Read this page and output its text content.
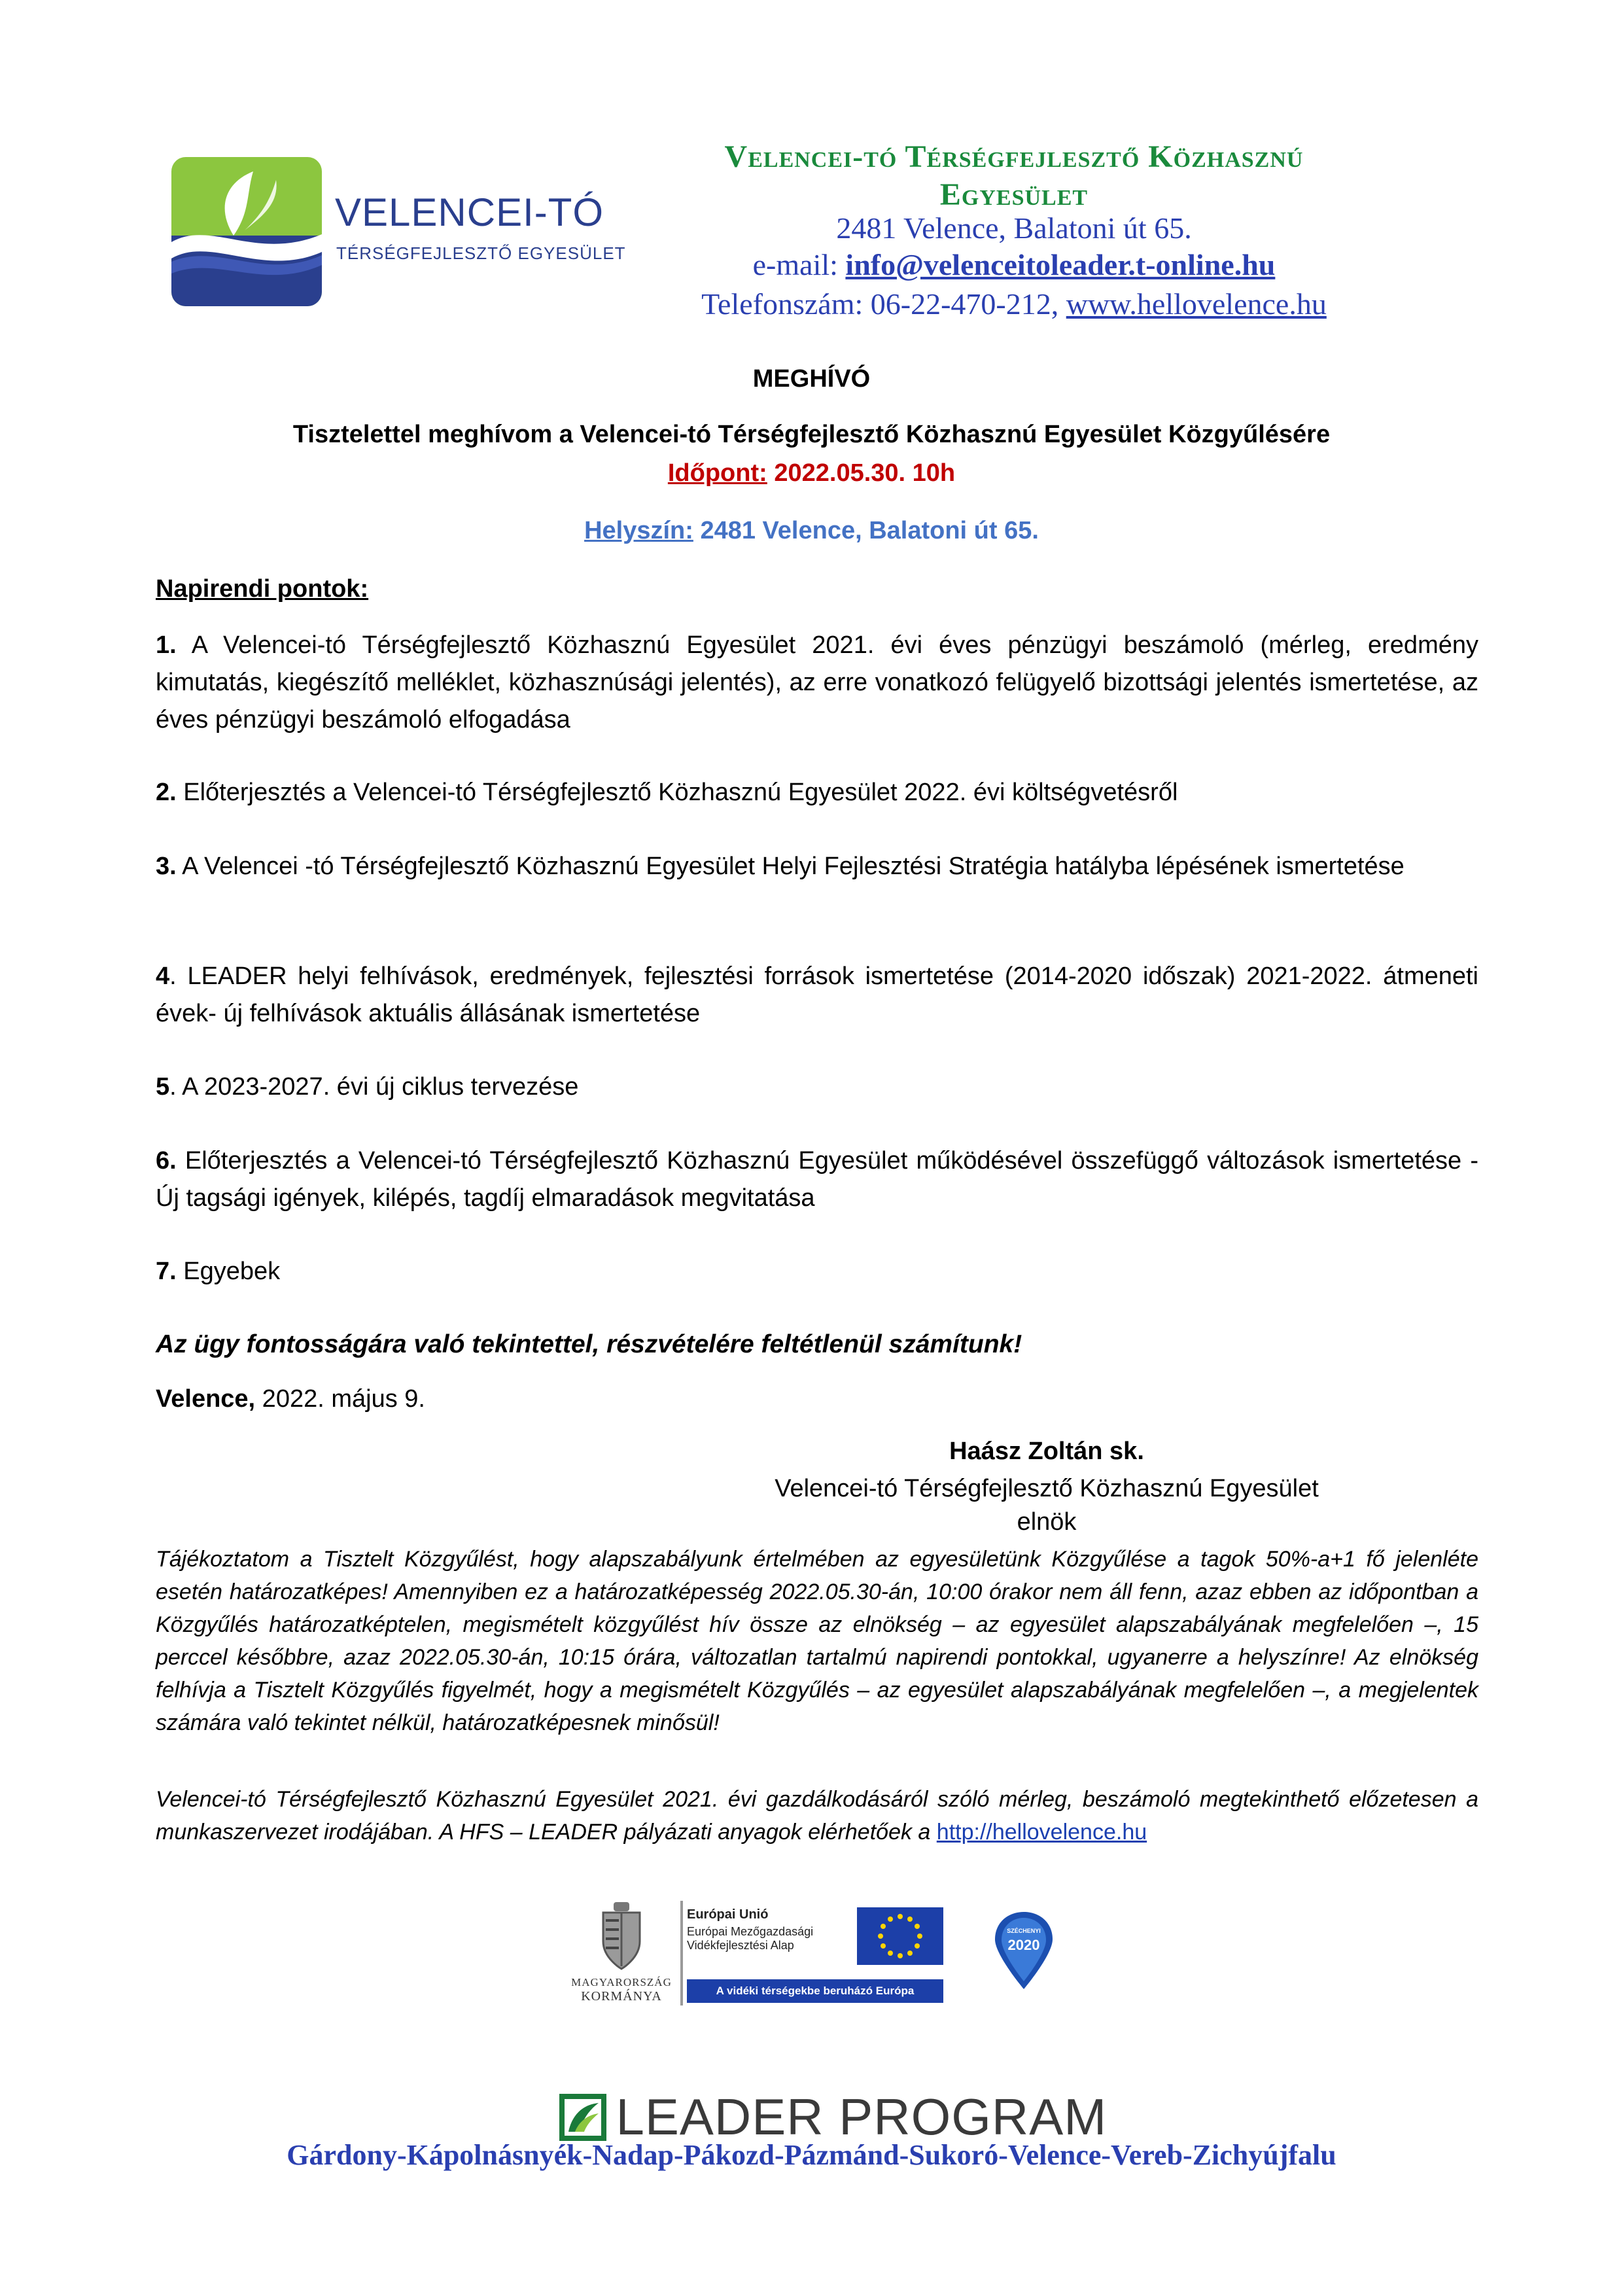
VELENCEI-TÓ
TÉRSÉGFEJLESZTŐ EGYESÜLET
Velencei-tó Térségfejlesztő Közhasznú
Egyesület
2481 Velence, Balatoni út 65.
e-mail: info@velenceitoleader.t-online.hu
Telefonszám: 06-22-470-212, www.hellovelence.hu
MEGHÍVÓ
Tisztelettel meghívom a Velencei-tó Térségfejlesztő Közhasznú Egyesület Közgyűlésére
Időpont: 2022.05.30. 10h
Helyszín: 2481 Velence, Balatoni út 65.
Napirendi pontok:
1. A Velencei-tó Térségfejlesztő Közhasznú Egyesület 2021. évi éves pénzügyi beszámoló (mérleg, eredmény kimutatás, kiegészítő melléklet, közhasznúsági jelentés), az erre vonatkozó felügyelő bizottsági jelentés ismertetése, az éves pénzügyi beszámoló elfogadása
2. Előterjesztés a Velencei-tó Térségfejlesztő Közhasznú Egyesület 2022. évi költségvetésről
3. A Velencei -tó Térségfejlesztő Közhasznú Egyesület Helyi Fejlesztési Stratégia hatályba lépésének ismertetése
4. LEADER helyi felhívások, eredmények, fejlesztési források ismertetése (2014-2020 időszak) 2021-2022. átmeneti évek- új felhívások aktuális állásának ismertetése
5. A 2023-2027. évi új ciklus tervezése
6. Előterjesztés a Velencei-tó Térségfejlesztő Közhasznú Egyesület működésével összefüggő változások ismertetése - Új tagsági igények, kilépés, tagdíj elmaradások megvitatása
7. Egyebek
Az ügy fontosságára való tekintettel, részvételére feltétlenül számítunk!
Velence, 2022. május 9.
Haász Zoltán sk.
Velencei-tó Térségfejlesztő Közhasznú Egyesület
elnök
Tájékoztatom a Tisztelt Közgyűlést, hogy alapszabályunk értelmében az egyesületünk Közgyűlése a tagok 50%-a+1 fő jelenléte esetén határozatképes! Amennyiben ez a határozatképesség 2022.05.30-án, 10:00 órakor nem áll fenn, azaz ebben az időpontban a Közgyűlés határozatképtelen, megismételt közgyűlést hív össze az elnökség – az egyesület alapszabályának megfelelően –, 15 perccel későbbre, azaz 2022.05.30-án, 10:15 órára, változatlan tartalmú napirendi pontokkal, ugyanerre a helyszínre! Az elnökség felhívja a Tisztelt Közgyűlés figyelmét, hogy a megismételt Közgyűlés – az egyesület alapszabályának megfelelően –, a megjelentek számára való tekintet nélkül, határozatképesnek minősül!
Velencei-tó Térségfejlesztő Közhasznú Egyesület 2021. évi gazdálkodásáról szóló mérleg, beszámoló megtekinthető előzetesen a munkaszervezet irodájában. A HFS – LEADER pályázati anyagok elérhetőek a http://hellovelence.hu
MAGYARORSZÁG
KORMÁNYA
Európai Unió
Európai Mezőgazdasági
Vidékfejlesztési Alap
A vidéki térségekbe beruházó Európa
SZÉCHENYI
2020
LEADER PROGRAM
Gárdony-Kápolnásnyék-Nadap-Pákozd-Pázmánd-Sukoró-Velence-Vereb-Zichyújfalu
